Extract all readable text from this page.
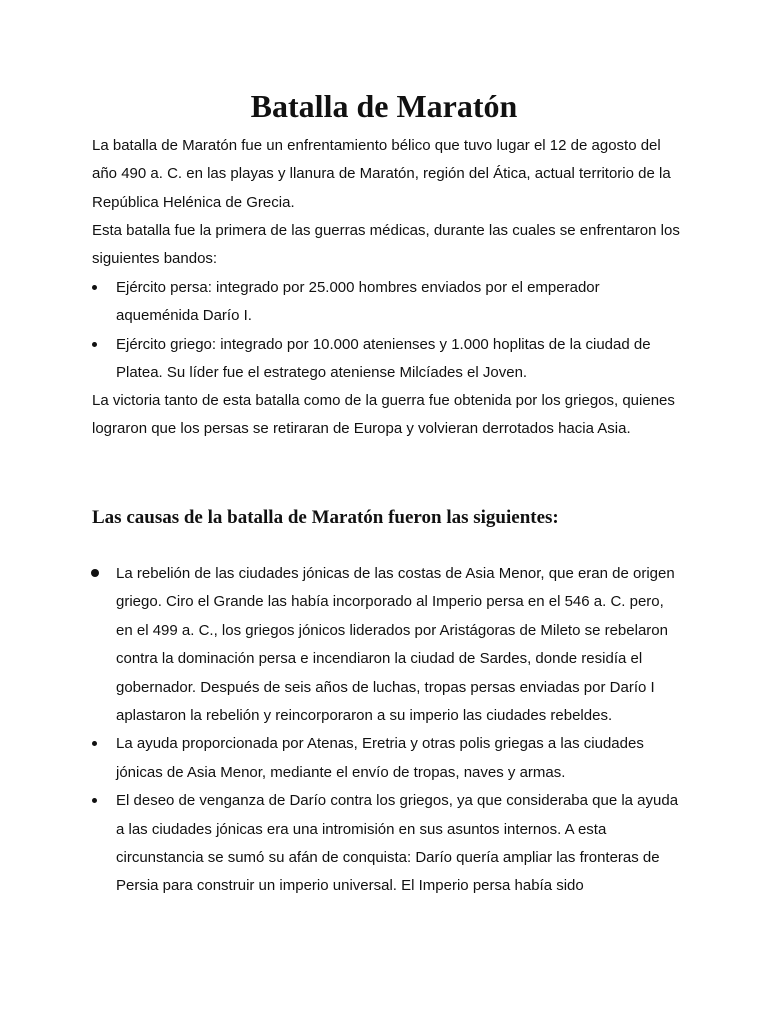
Batalla de Maratón

La batalla de Maratón fue un enfrentamiento bélico que tuvo lugar el 12 de agosto del año 490 a. C. en las playas y llanura de Maratón, región del Ática, actual territorio de la República Helénica de Grecia.

Esta batalla fue la primera de las guerras médicas, durante las cuales se enfrentaron los siguientes bandos:

Ejército persa: integrado por 25.000 hombres enviados por el emperador aqueménida Darío I.
Ejército griego: integrado por 10.000 atenienses y 1.000 hoplitas de la ciudad de Platea. Su líder fue el estratego ateniense Milcíades el Joven.

La victoria tanto de esta batalla como de la guerra fue obtenida por los griegos, quienes lograron que los persas se retiraran de Europa y volvieran derrotados hacia Asia.

Las causas de la batalla de Maratón fueron las siguientes:
La rebelión de las ciudades jónicas de las costas de Asia Menor, que eran de origen griego. Ciro el Grande las había incorporado al Imperio persa en el 546 a. C. pero, en el 499 a. C., los griegos jónicos liderados por Aristágoras de Mileto se rebelaron contra la dominación persa e incendiaron la ciudad de Sardes, donde residía el gobernador. Después de seis años de luchas, tropas persas enviadas por Darío I aplastaron la rebelión y reincorporaron a su imperio las ciudades rebeldes.
La ayuda proporcionada por Atenas, Eretria y otras polis griegas a las ciudades jónicas de Asia Menor, mediante el envío de tropas, naves y armas.
El deseo de venganza de Darío contra los griegos, ya que consideraba que la ayuda a las ciudades jónicas era una intromisión en sus asuntos internos. A esta circunstancia se sumó su afán de conquista: Darío quería ampliar las fronteras de Persia para construir un imperio universal. El Imperio persa había sido
